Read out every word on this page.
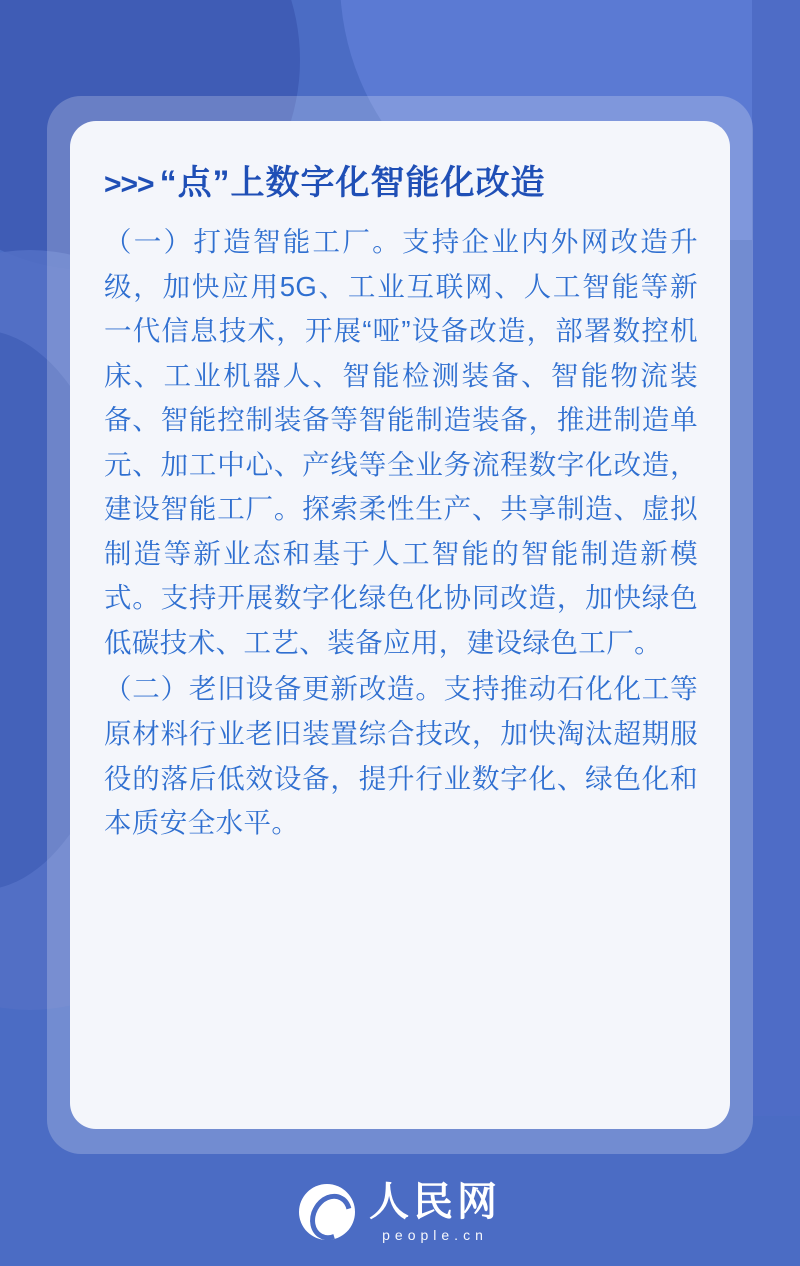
>>> “点”上数字化智能化改造

（一）打造智能工厂。支持企业内外网改造升级，加快应用5G、工业互联网、人工智能等新一代信息技术，开展“哑”设备改造，部署数控机床、工业机器人、智能检测装备、智能物流装备、智能控制装备等智能制造装备，推进制造单元、加工中心、产线等全业务流程数字化改造，建设智能工厂。探索柔性生产、共享制造、虚拟制造等新业态和基于人工智能的智能制造新模式。支持开展数字化绿色化协同改造，加快绿色低碳技术、工艺、装备应用，建设绿色工厂。

（二）老旧设备更新改造。支持推动石化化工等原材料行业老旧装置综合技改，加快淘汰超期服役的落后低效设备，提升行业数字化、绿色化和本质安全水平。

人民网
people.cn
